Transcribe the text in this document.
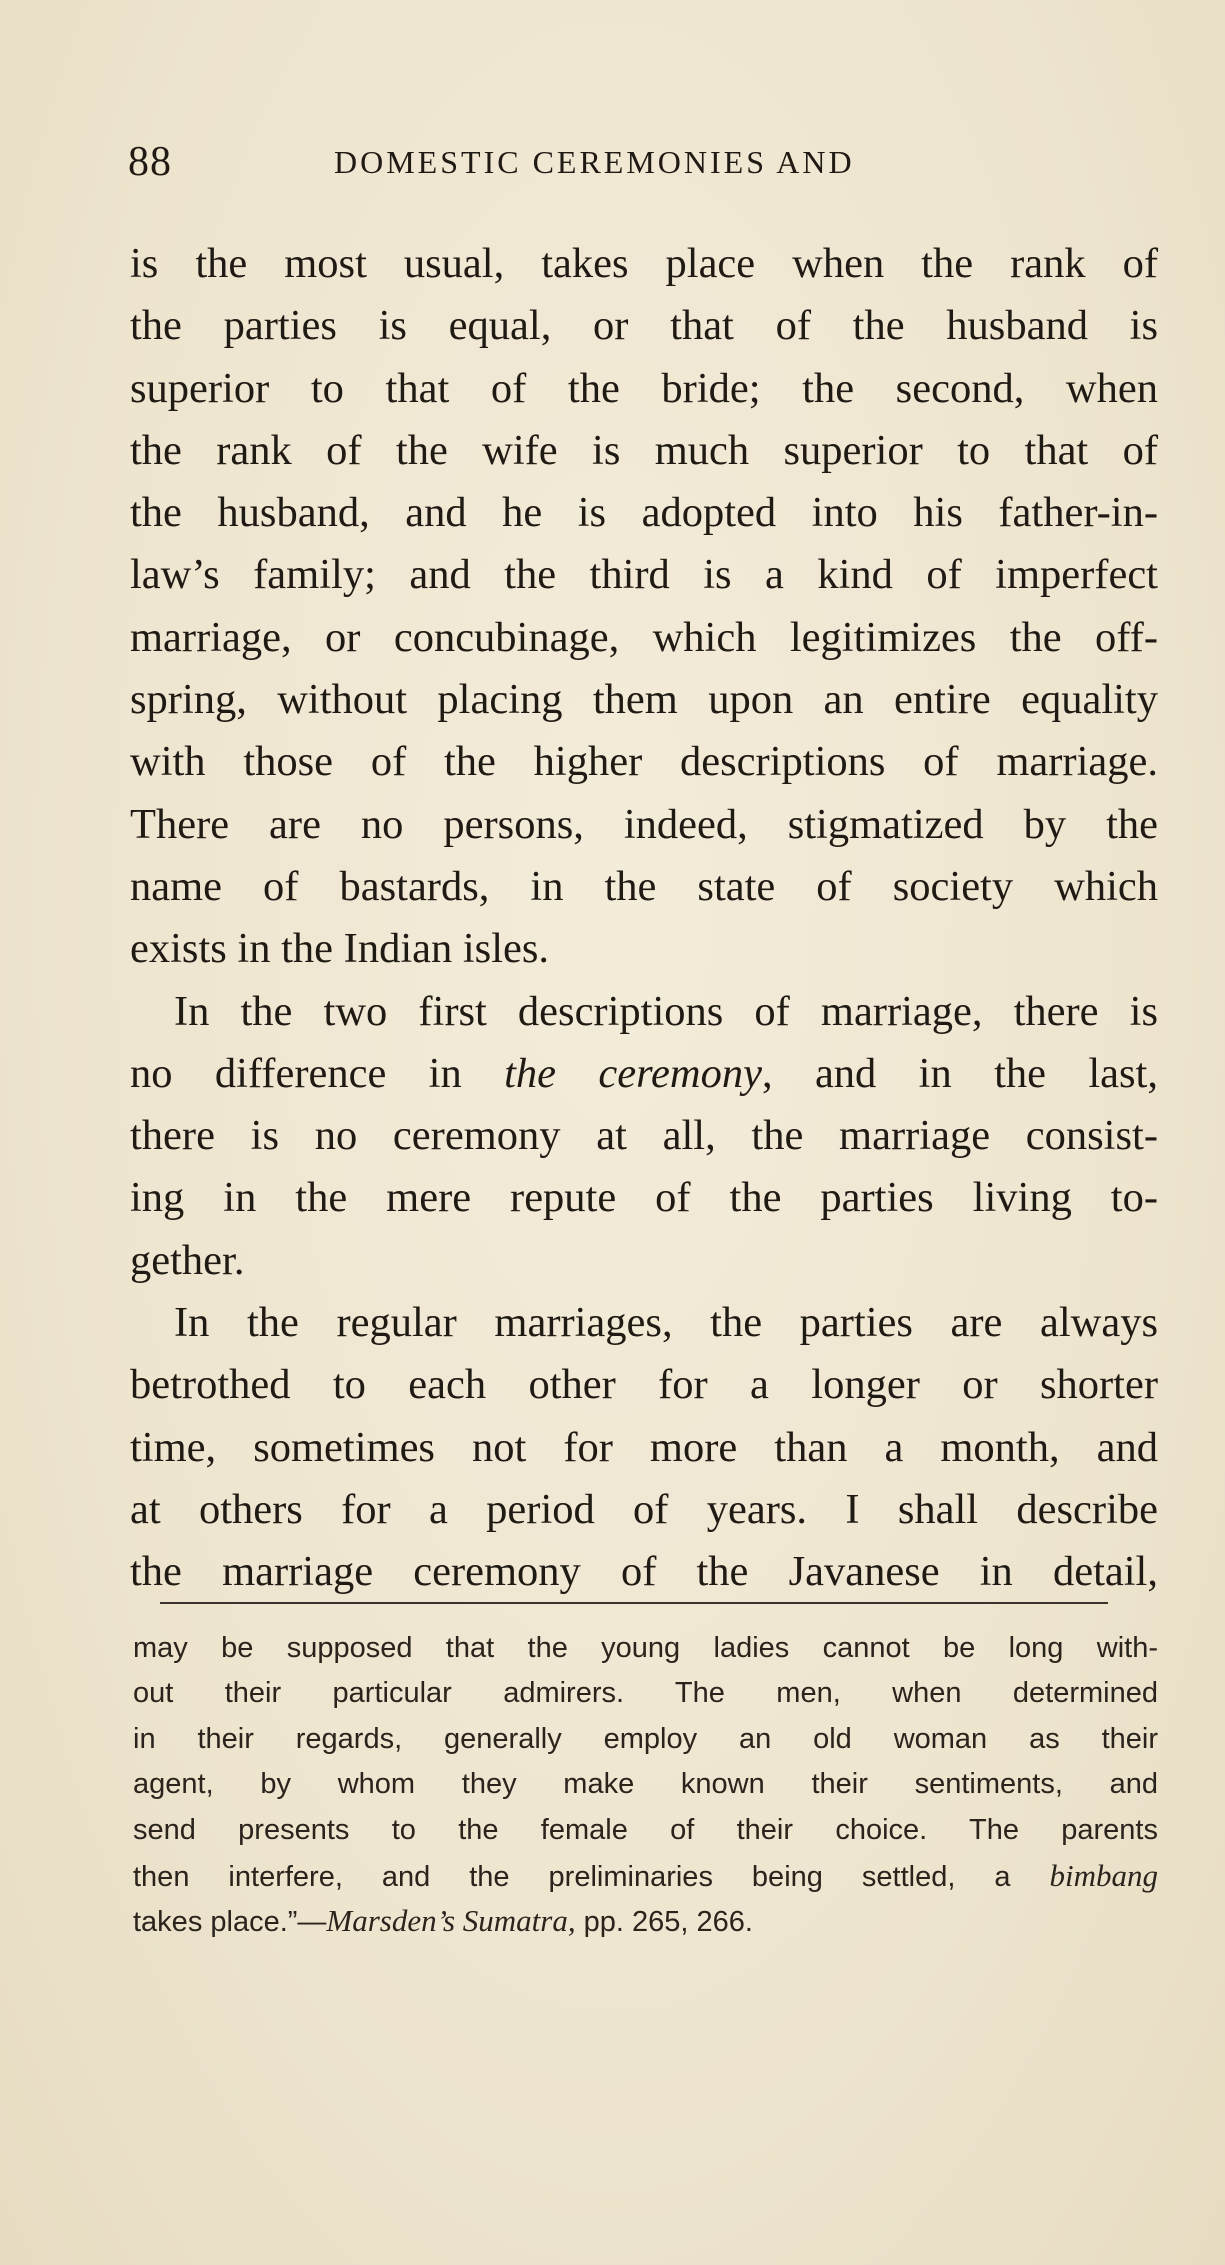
88	DOMESTIC CEREMONIES AND
is the most usual, takes place when the rank of
the parties is equal, or that of the husband is
superior to that of the bride; the second, when
the rank of the wife is much superior to that of
the husband, and he is adopted into his father-in-
law’s family; and the third is a kind of imperfect
marriage, or concubinage, which legitimizes the off-
spring, without placing them upon an entire equality
with those of the higher descriptions of marriage.
There are no persons, indeed, stigmatized by the
name of bastards, in the state of society which
exists in the Indian isles.
In the two first descriptions of marriage, there is
no difference in the ceremony, and in the last,
there is no ceremony at all, the marriage consist-
ing in the mere repute of the parties living to-
gether.
In the regular marriages, the parties are always
betrothed to each other for a longer or shorter
time, sometimes not for more than a month, and
at others for a period of years. I shall describe
the marriage ceremony of the Javanese in detail,
may be supposed that the young ladies cannot be long with-
out their particular admirers. The men, when determined
in their regards, generally employ an old woman as their
agent, by whom they make known their sentiments, and
send presents to the female of their choice. The parents
then interfere, and the preliminaries being settled, a bimbang
takes place.”—Marsden’s Sumatra, pp. 265, 266.
